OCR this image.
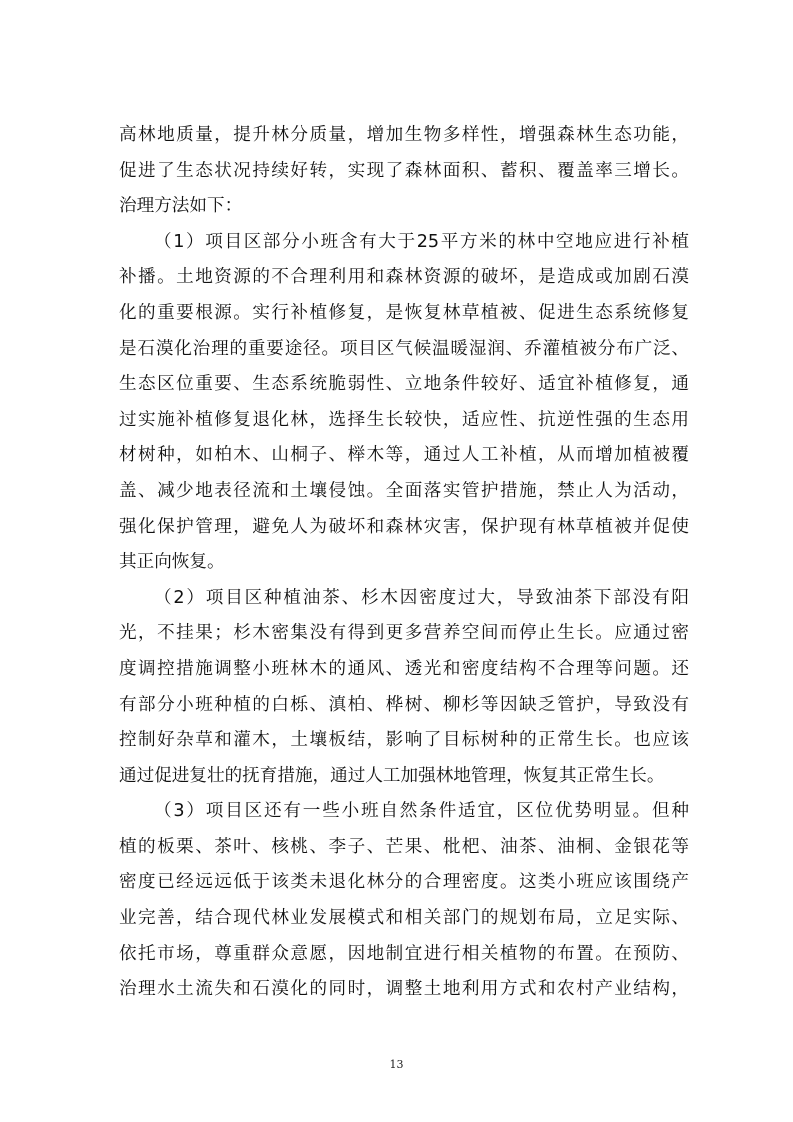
高林地质量，提升林分质量，增加生物多样性，增强森林生态功能，
促进了生态状况持续好转，实现了森林面积、蓄积、覆盖率三增长。
治理方法如下：
（1）项目区部分小班含有大于25平方米的林中空地应进行补植
补播。土地资源的不合理利用和森林资源的破坏，是造成或加剧石漠
化的重要根源。实行补植修复，是恢复林草植被、促进生态系统修复
是石漠化治理的重要途径。项目区气候温暖湿润、乔灌植被分布广泛、
生态区位重要、生态系统脆弱性、立地条件较好、适宜补植修复，通
过实施补植修复退化林，选择生长较快，适应性、抗逆性强的生态用
材树种，如柏木、山桐子、榉木等，通过人工补植，从而增加植被覆
盖、减少地表径流和土壤侵蚀。全面落实管护措施，禁止人为活动，
强化保护管理，避免人为破坏和森林灾害，保护现有林草植被并促使
其正向恢复。
（2）项目区种植油茶、杉木因密度过大，导致油茶下部没有阳
光，不挂果；杉木密集没有得到更多营养空间而停止生长。应通过密
度调控措施调整小班林木的通风、透光和密度结构不合理等问题。还
有部分小班种植的白栎、滇柏、桦树、柳杉等因缺乏管护，导致没有
控制好杂草和灌木，土壤板结，影响了目标树种的正常生长。也应该
通过促进复壮的抚育措施，通过人工加强林地管理，恢复其正常生长。
（3）项目区还有一些小班自然条件适宜，区位优势明显。但种
植的板栗、茶叶、核桃、李子、芒果、枇杷、油茶、油桐、金银花等
密度已经远远低于该类未退化林分的合理密度。这类小班应该围绕产
业完善，结合现代林业发展模式和相关部门的规划布局，立足实际、
依托市场，尊重群众意愿，因地制宜进行相关植物的布置。在预防、
治理水土流失和石漠化的同时，调整土地利用方式和农村产业结构，
13
